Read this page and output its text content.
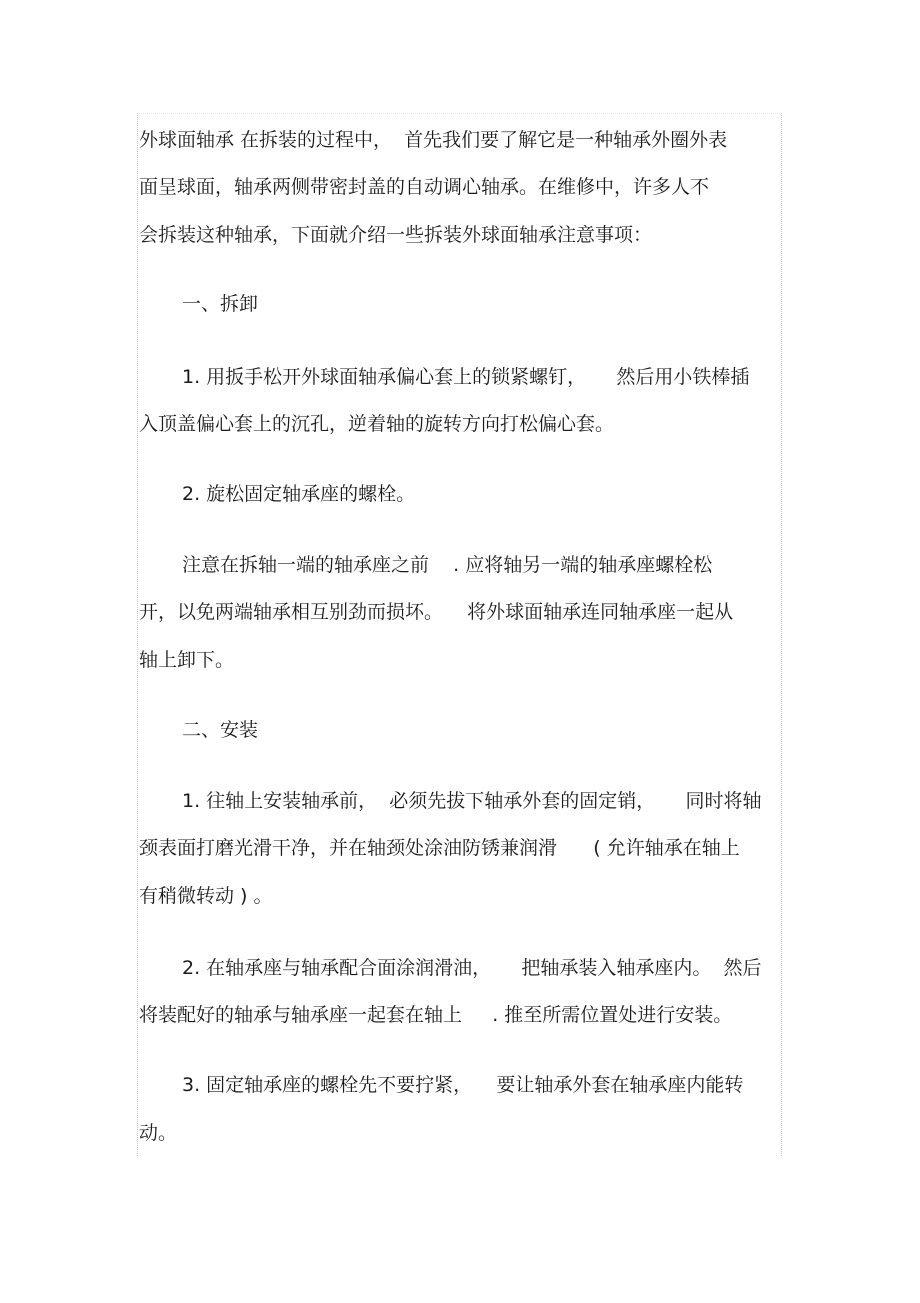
外球面轴承 在拆装的过程中，  首先我们要了解它是一种轴承外圈外表

面呈球面，轴承两侧带密封盖的自动调心轴承。在维修中，许多人不

会拆装这种轴承，下面就介绍一些拆装外球面轴承注意事项：

一、拆卸

1. 用扳手松开外球面轴承偏心套上的锁紧螺钉，     然后用小铁棒插

入顶盖偏心套上的沉孔，逆着轴的旋转方向打松偏心套。

2. 旋松固定轴承座的螺栓。

注意在拆轴一端的轴承座之前    . 应将轴另一端的轴承座螺栓松

开，以免两端轴承相互别劲而损坏。    将外球面轴承连同轴承座一起从

轴上卸下。

二、安装

1. 往轴上安装轴承前，  必须先拔下轴承外套的固定销，     同时将轴

颈表面打磨光滑干净，并在轴颈处涂油防锈兼润滑      ( 允许轴承在轴上

有稍微转动 ) 。

2. 在轴承座与轴承配合面涂润滑油，     把轴承装入轴承座内。  然后

将装配好的轴承与轴承座一起套在轴上     . 推至所需位置处进行安装。

3. 固定轴承座的螺栓先不要拧紧，    要让轴承外套在轴承座内能转

动。
